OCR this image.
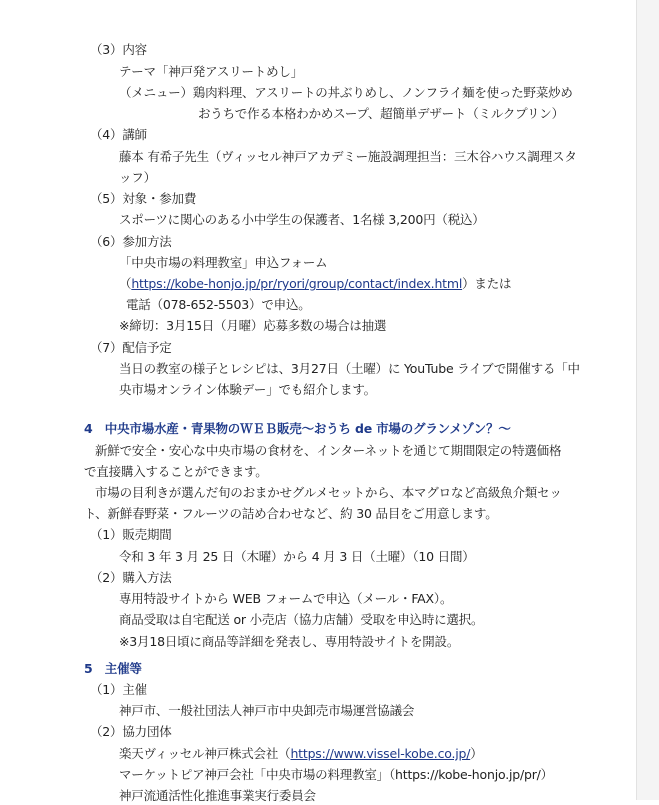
（3）内容
テーマ「神戸発アスリートめし」
（メニュー）鶏肉料理、アスリートの丼ぶりめし、ノンフライ麺を使った野菜炒め
おうちで作る本格わかめスープ、超簡単デザート（ミルクプリン）
（4）講師
藤本 有希子先生（ヴィッセル神戸アカデミー施設調理担当：三木谷ハウス調理スタ
ッフ）
（5）対象・参加費
スポーツに関心のある小中学生の保護者、1名様 3,200円（税込）
（6）参加方法
「中央市場の料理教室」申込フォーム
（https://kobe-honjo.jp/pr/ryori/group/contact/index.html）または
電話（078-652-5503）で申込。
※締切：3月15日（月曜）応募多数の場合は抽選
（7）配信予定
当日の教室の様子とレシピは、3月27日（土曜）に YouTube ライブで開催する「中
央市場オンライン体験デー」でも紹介します。
4　中央市場水産・青果物のＷＥＢ販売～おうち de 市場のグランメゾン？～
新鮮で安全・安心な中央市場の食材を、インターネットを通じて期間限定の特選価格
で直接購入することができます。
市場の目利きが選んだ旬のおまかせグルメセットから、本マグロなど高級魚介類セッ
ト、新鮮春野菜・フルーツの詰め合わせなど、約 30 品目をご用意します。
（1）販売期間
令和 3 年 3 月 25 日（木曜）から 4 月 3 日（土曜）（10 日間）
（2）購入方法
専用特設サイトから WEB フォームで申込（メール・FAX）。
商品受取は自宅配送 or 小売店（協力店舗）受取を申込時に選択。
※3月18日頃に商品等詳細を発表し、専用特設サイトを開設。
5　主催等
（1）主催
神戸市、一般社団法人神戸市中央卸売市場運営協議会
（2）協力団体
楽天ヴィッセル神戸株式会社（https://www.vissel-kobe.co.jp/）
マーケットピア神戸会社「中央市場の料理教室」（https://kobe-honjo.jp/pr/）
神戸流通活性化推進事業実行委員会
